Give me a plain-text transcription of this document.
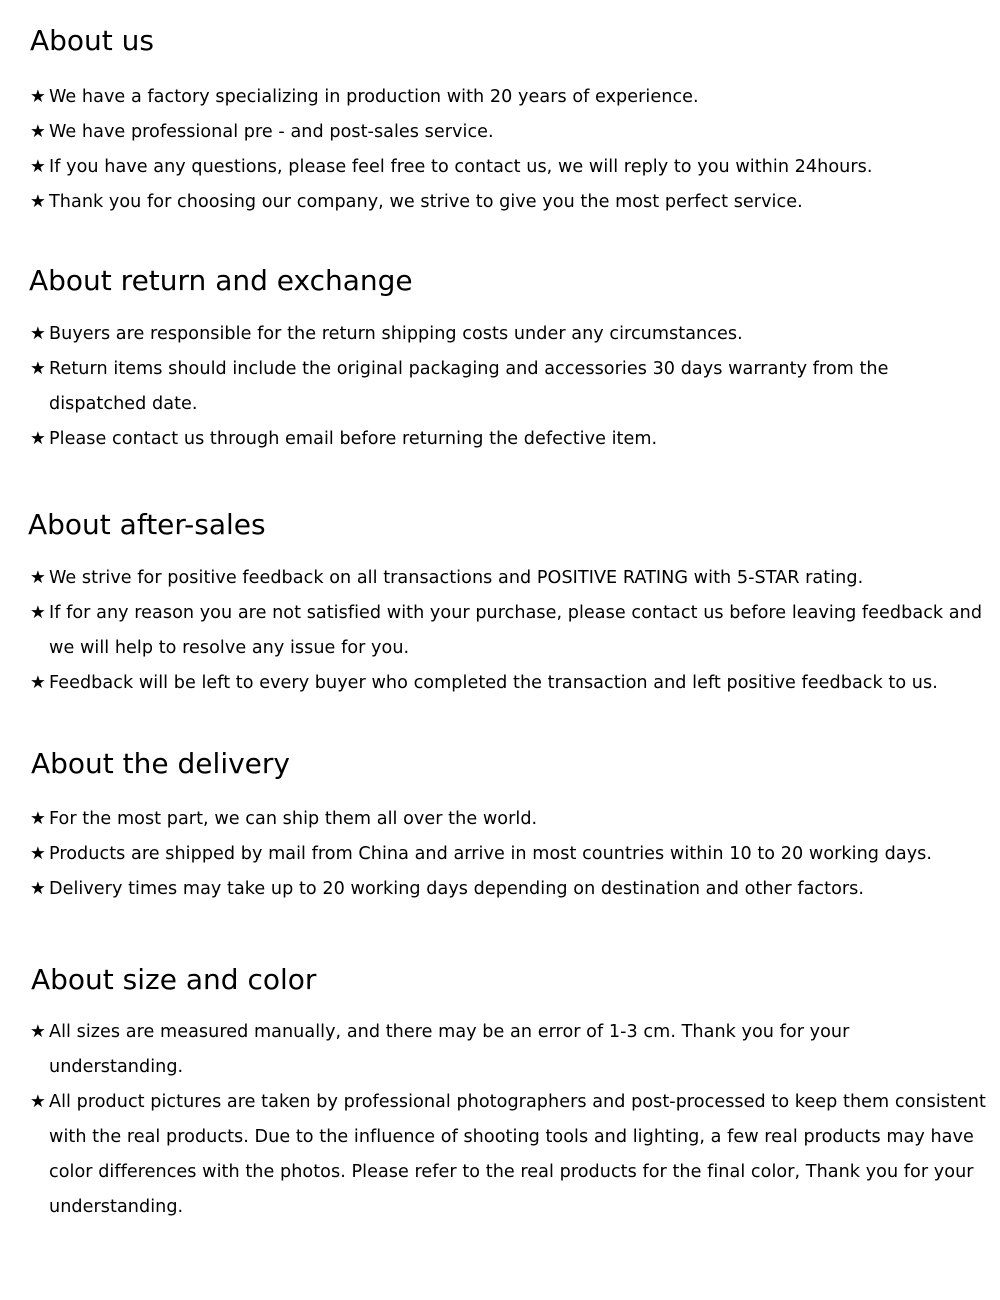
About us
★ We have a factory specializing in production with 20 years of experience.
★ We have professional pre - and post-sales service.
★ If you have any questions, please feel free to contact us, we will reply to you within 24hours.
★ Thank you for choosing our company, we strive to give you the most perfect service.
About return and exchange
★ Buyers are responsible for the return shipping costs under any circumstances.
★ Return items should include the original packaging and accessories 30 days warranty from the dispatched date.
★ Please contact us through email before returning the defective item.
About after-sales
★ We strive for positive feedback on all transactions and POSITIVE RATING with 5-STAR rating.
★ If for any reason you are not satisfied with your purchase, please contact us before leaving feedback and we will help to resolve any issue for you.
★ Feedback will be left to every buyer who completed the transaction and left positive feedback to us.
About the delivery
★ For the most part, we can ship them all over the world.
★ Products are shipped by mail from China and arrive in most countries within 10 to 20 working days.
★ Delivery times may take up to 20 working days depending on destination and other factors.
About size and color
★ All sizes are measured manually, and there may be an error of 1-3 cm. Thank you for your understanding.
★ All product pictures are taken by professional photographers and post-processed to keep them consistent with the real products. Due to the influence of shooting tools and lighting, a few real products may have color differences with the photos. Please refer to the real products for the final color, Thank you for your understanding.
